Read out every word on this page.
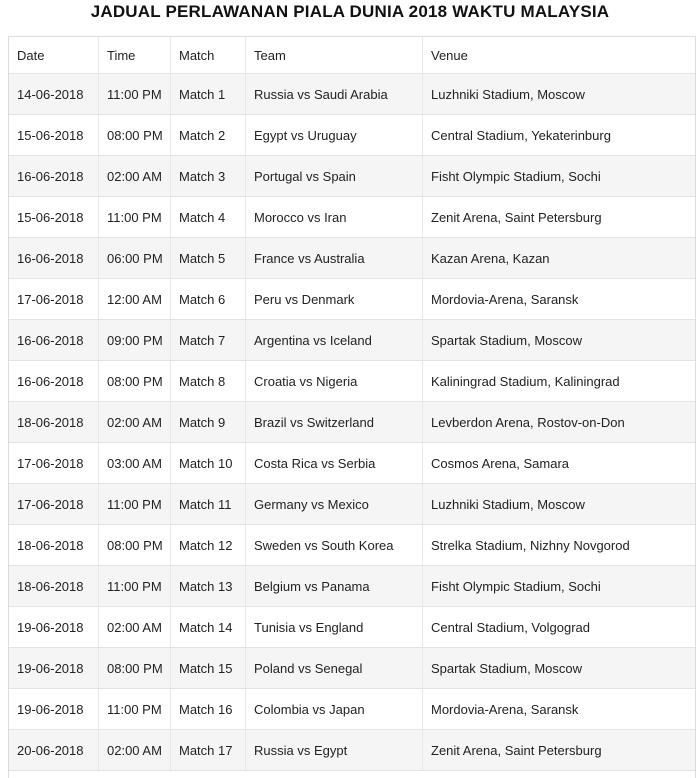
JADUAL PERLAWANAN PIALA DUNIA 2018 WAKTU MALAYSIA
Date	Time	Match	Team	Venue
14-06-2018	11:00 PM	Match 1	Russia vs Saudi Arabia	Luzhniki Stadium, Moscow
15-06-2018	08:00 PM	Match 2	Egypt vs Uruguay	Central Stadium, Yekaterinburg
16-06-2018	02:00 AM	Match 3	Portugal vs Spain	Fisht Olympic Stadium, Sochi
15-06-2018	11:00 PM	Match 4	Morocco vs Iran	Zenit Arena, Saint Petersburg
16-06-2018	06:00 PM	Match 5	France vs Australia	Kazan Arena, Kazan
17-06-2018	12:00 AM	Match 6	Peru vs Denmark	Mordovia-Arena, Saransk
16-06-2018	09:00 PM	Match 7	Argentina vs Iceland	Spartak Stadium, Moscow
16-06-2018	08:00 PM	Match 8	Croatia vs Nigeria	Kaliningrad Stadium, Kaliningrad
18-06-2018	02:00 AM	Match 9	Brazil vs Switzerland	Levberdon Arena, Rostov-on-Don
17-06-2018	03:00 AM	Match 10	Costa Rica vs Serbia	Cosmos Arena, Samara
17-06-2018	11:00 PM	Match 11	Germany vs Mexico	Luzhniki Stadium, Moscow
18-06-2018	08:00 PM	Match 12	Sweden vs South Korea	Strelka Stadium, Nizhny Novgorod
18-06-2018	11:00 PM	Match 13	Belgium vs Panama	Fisht Olympic Stadium, Sochi
19-06-2018	02:00 AM	Match 14	Tunisia vs England	Central Stadium, Volgograd
19-06-2018	08:00 PM	Match 15	Poland vs Senegal	Spartak Stadium, Moscow
19-06-2018	11:00 PM	Match 16	Colombia vs Japan	Mordovia-Arena, Saransk
20-06-2018	02:00 AM	Match 17	Russia vs Egypt	Zenit Arena, Saint Petersburg
